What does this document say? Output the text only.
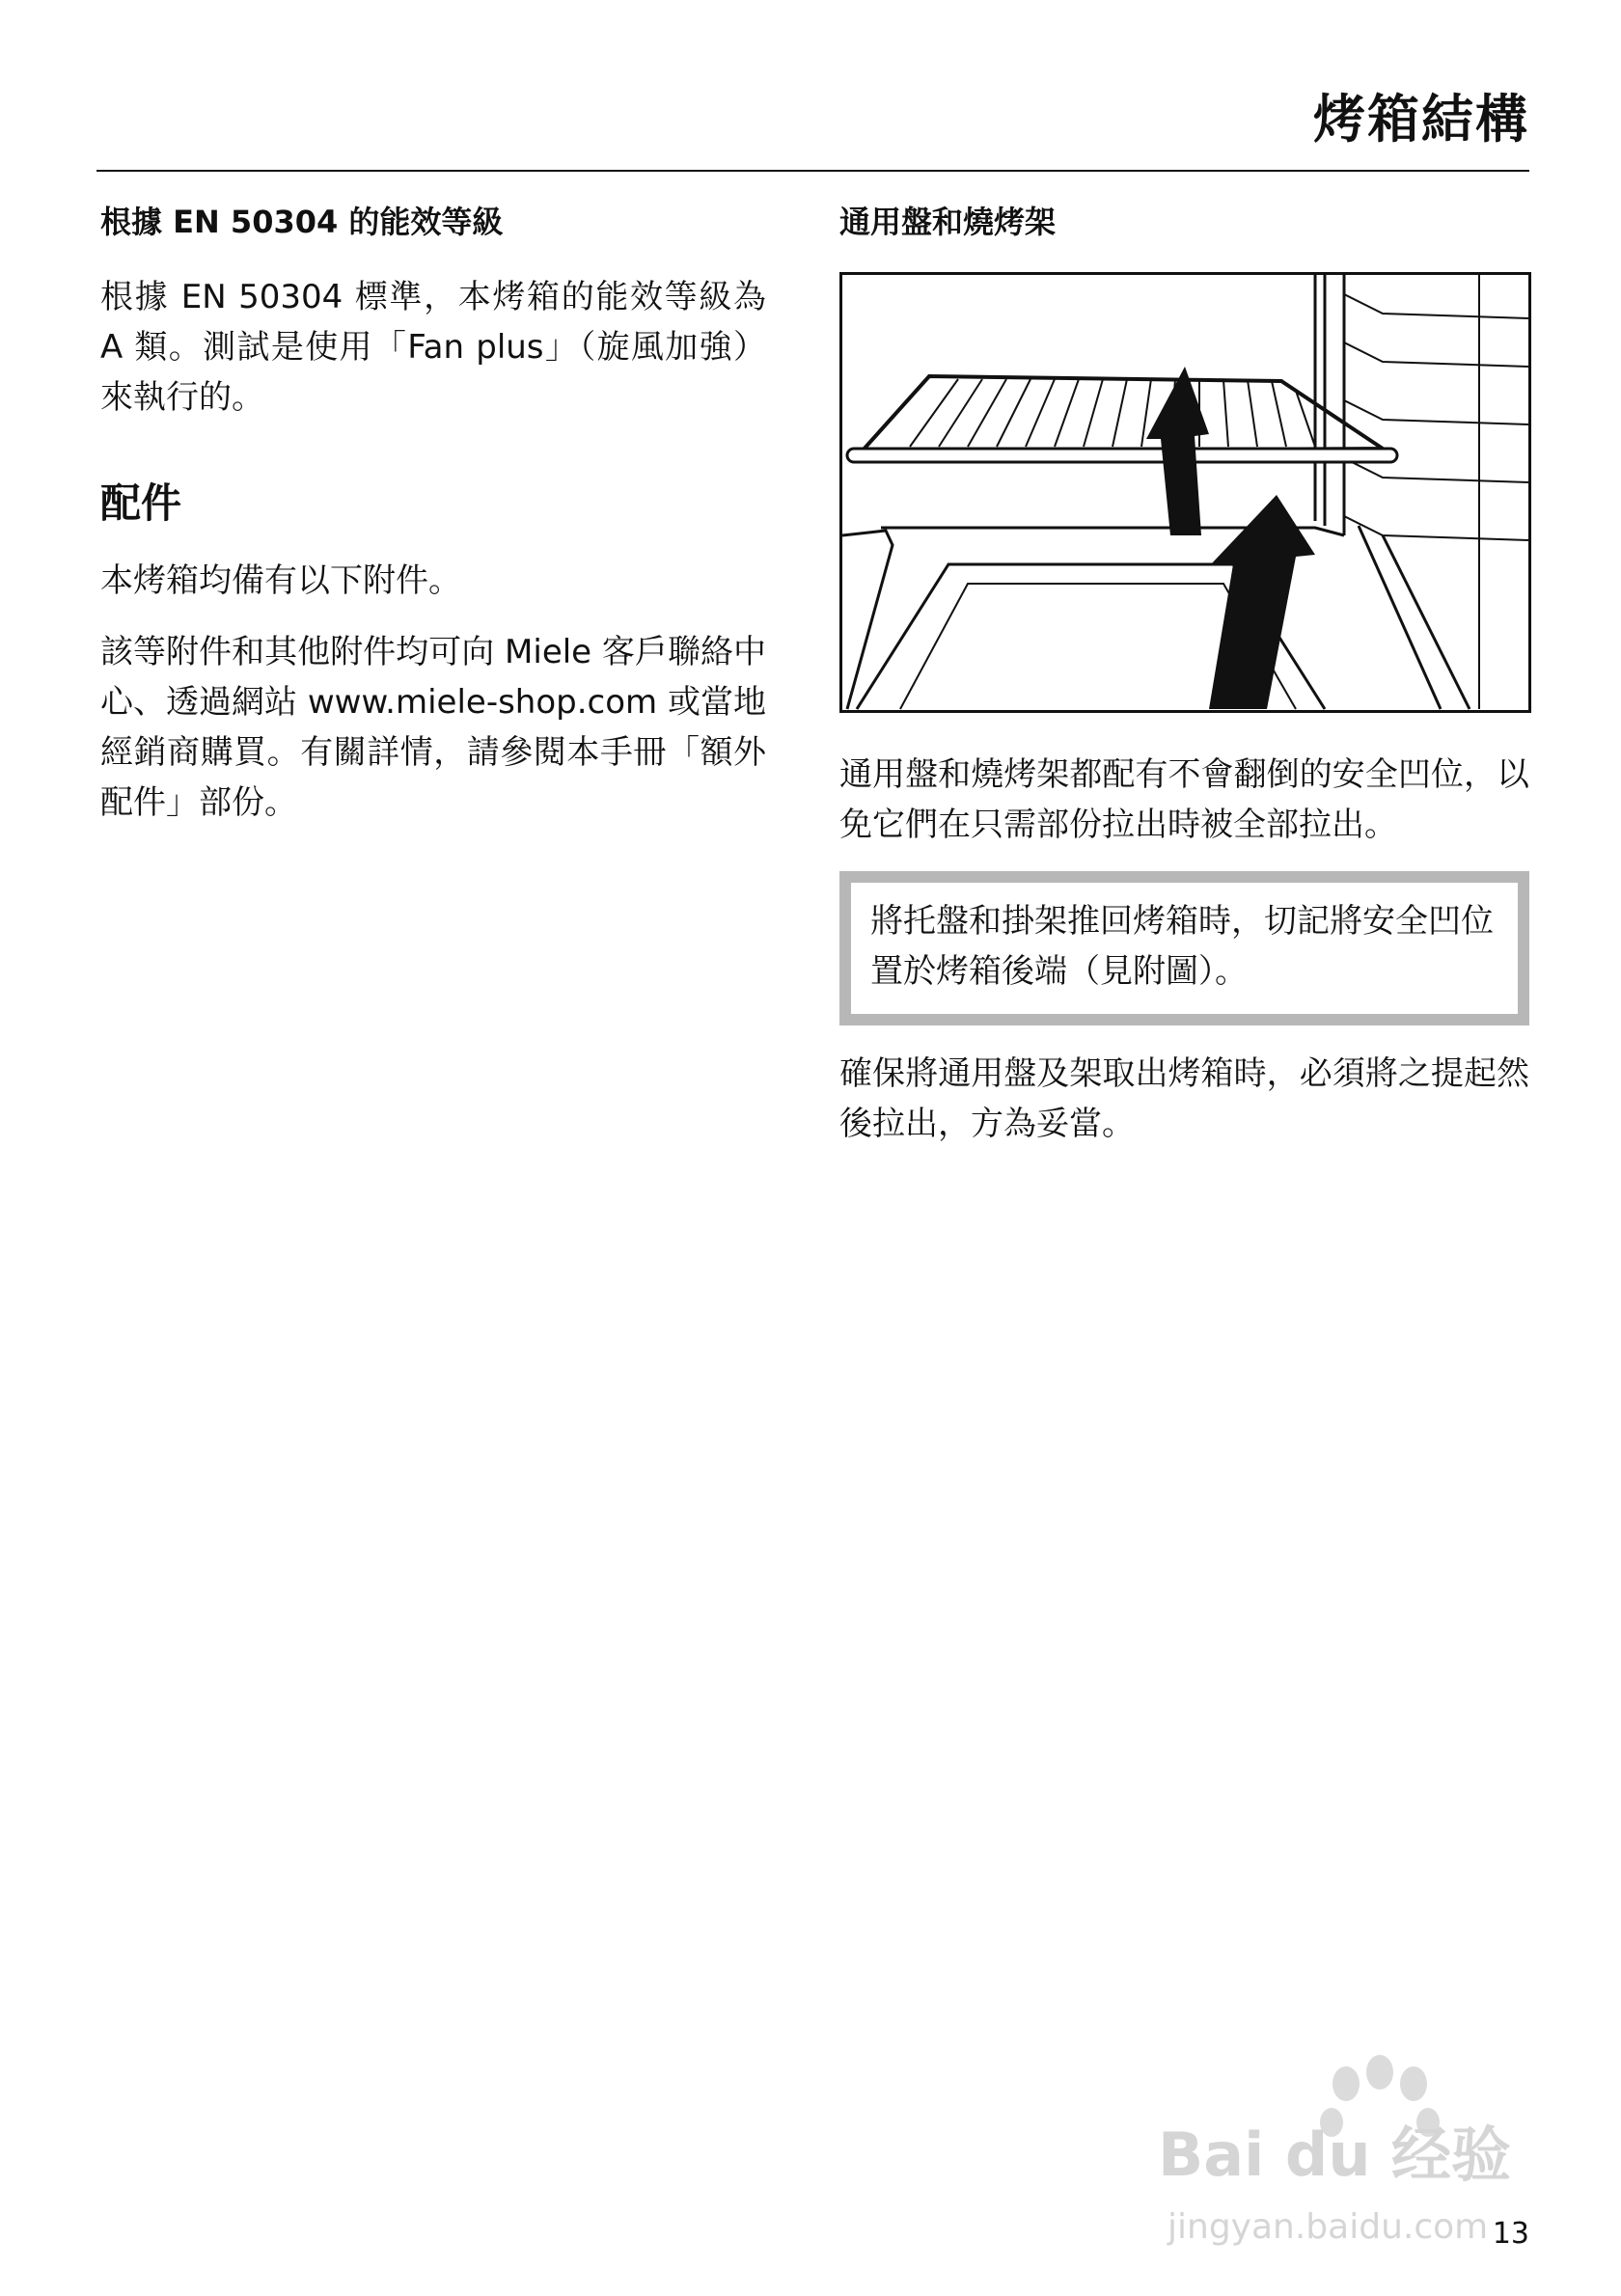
烤箱結構
根據 EN 50304 的能效等級

根據 EN 50304 標準，本烤箱的能效等級為 A 類。測試是使用「Fan plus」（旋風加強）來執行的。

配件

本烤箱均備有以下附件。

該等附件和其他附件均可向 Miele 客戶聯絡中心、透過網站 www.miele-shop.com 或當地經銷商購買。有關詳情，請參閱本手冊「額外配件」部份。

通用盤和燒烤架

通用盤和燒烤架都配有不會翻倒的安全凹位，以免它們在只需部份拉出時被全部拉出。

將托盤和掛架推回烤箱時，切記將安全凹位置於烤箱後端（見附圖）。

確保將通用盤及架取出烤箱時，必須將之提起然後拉出，方為妥當。

Bai du 经验
jingyan.baidu.com 13
